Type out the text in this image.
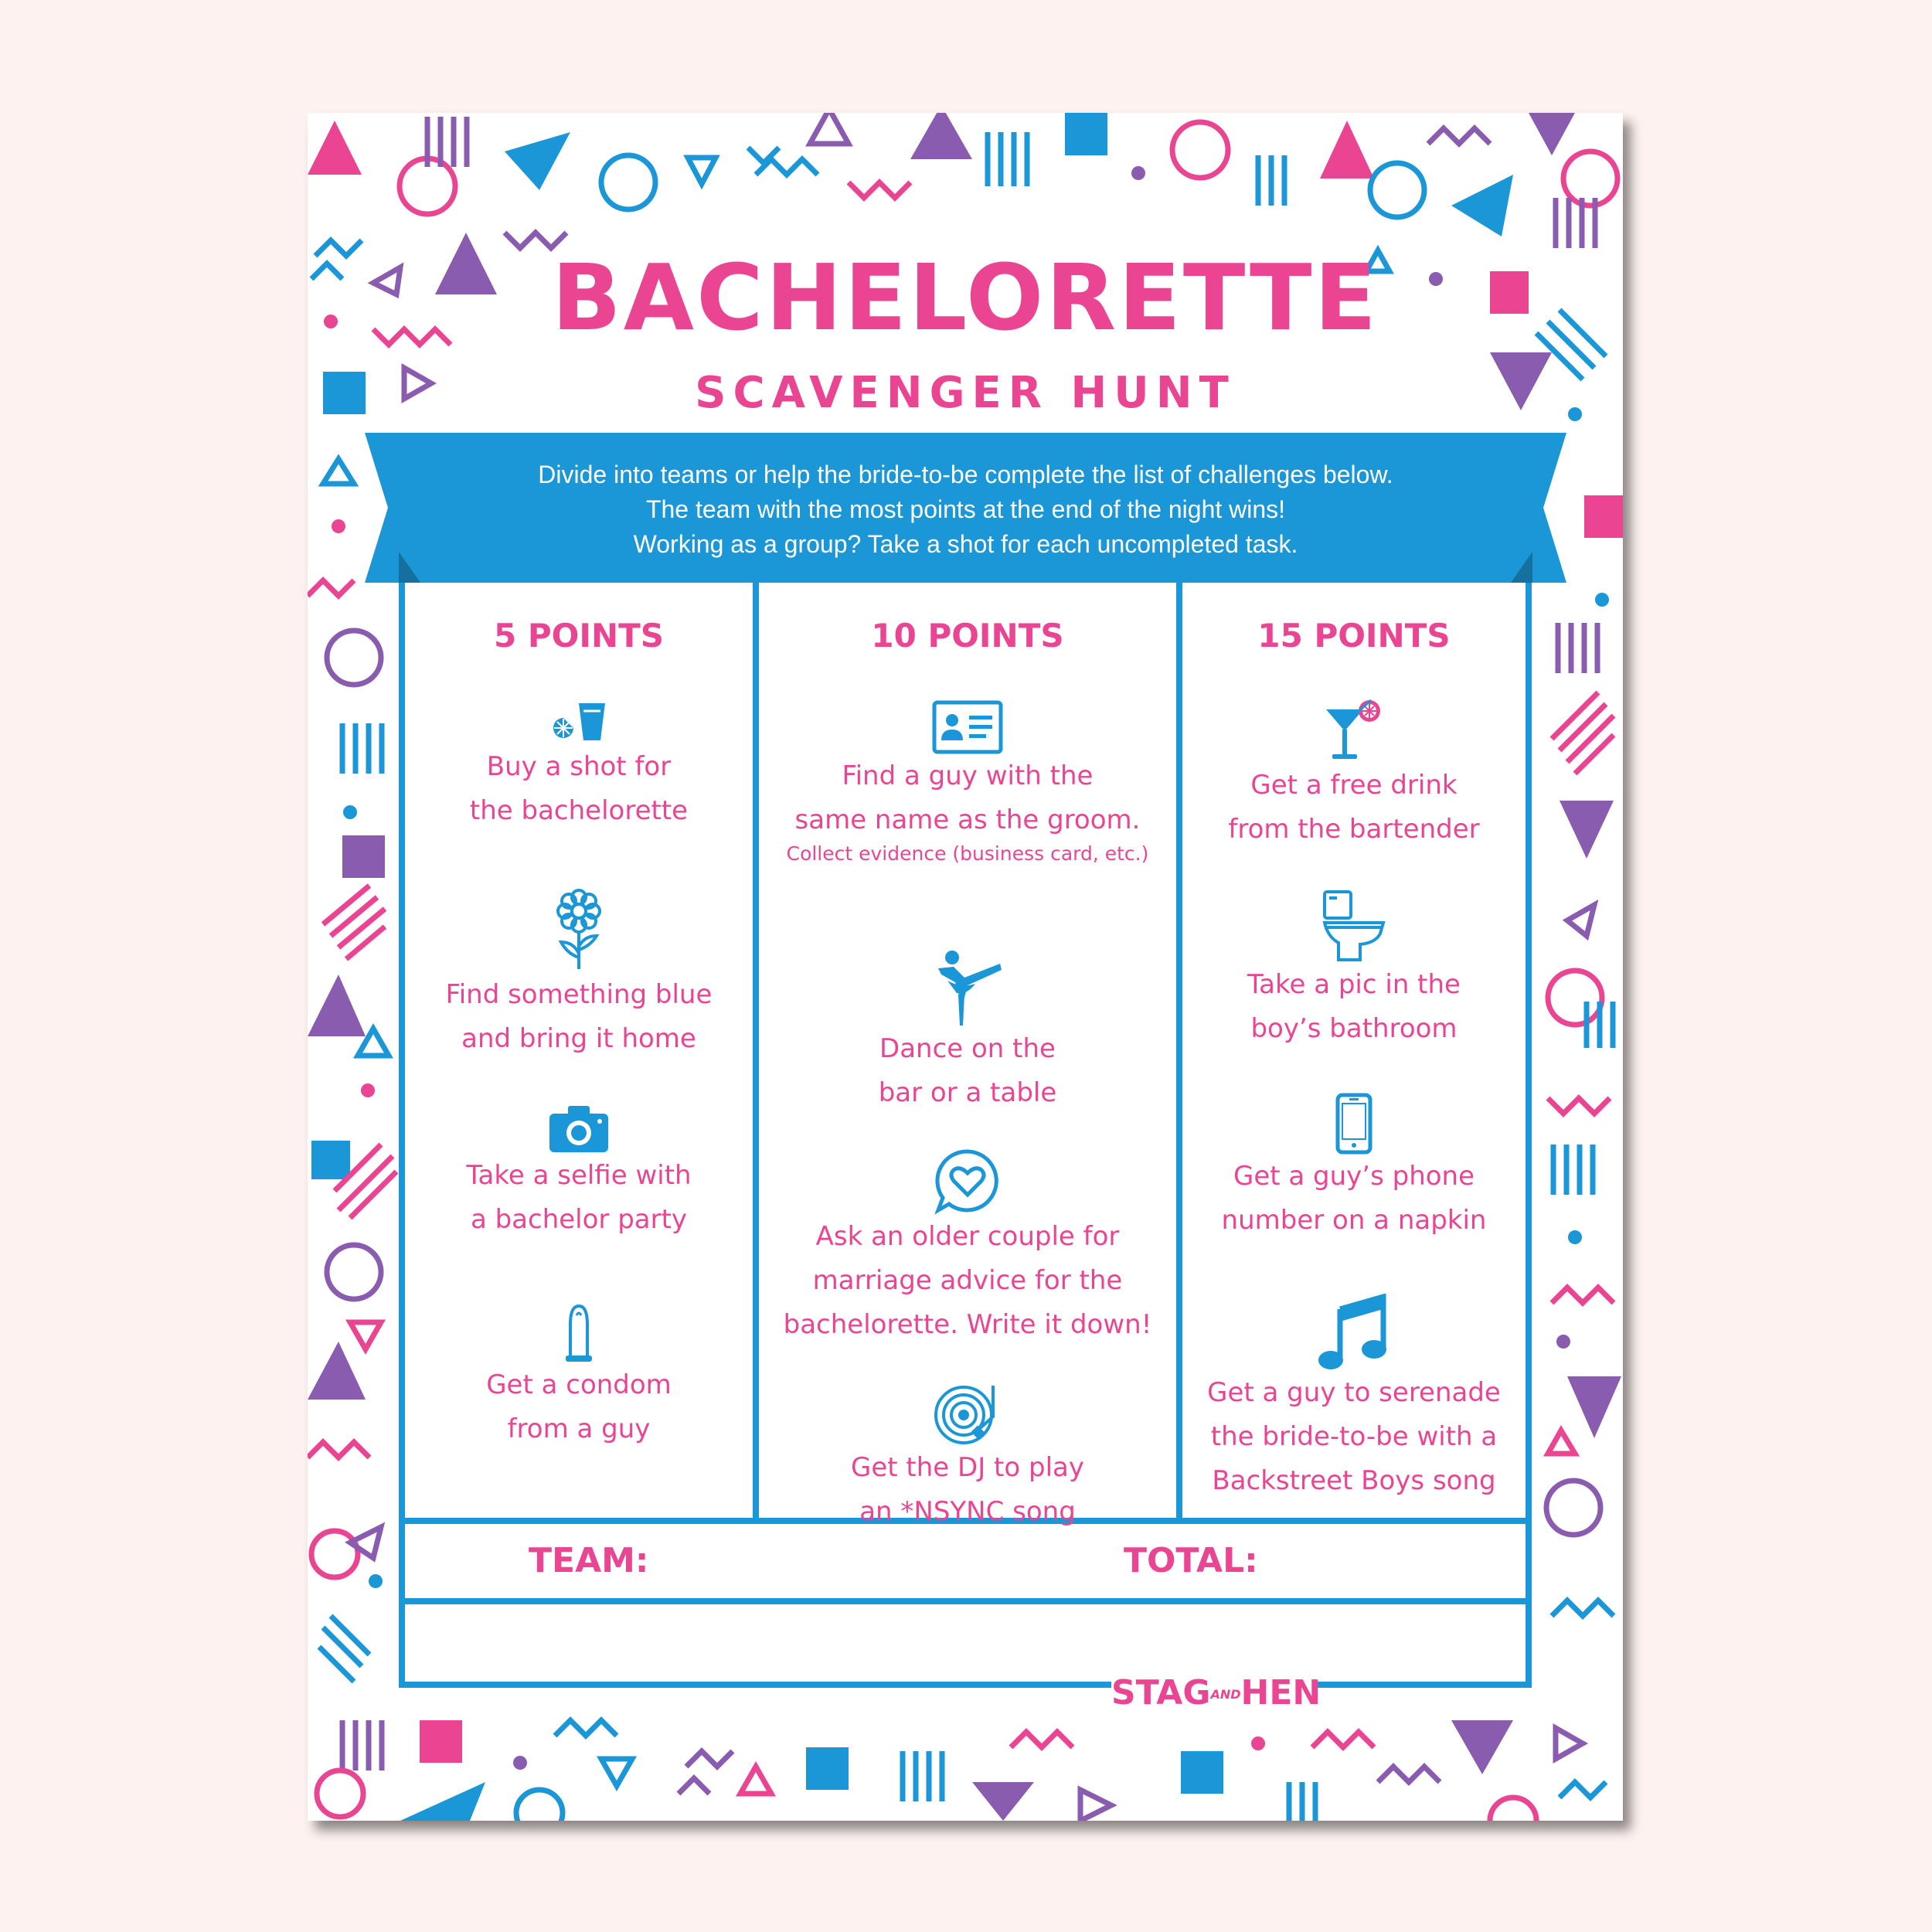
BACHELORETTE
SCAVENGER HUNT

Divide into teams or help the bride-to-be complete the list of challenges below.

The team with the most points at the end of the night wins!

Working as a group? Take a shot for each uncompleted task.

5 POINTS

Buy a shot for
the bachelorette

Find something blue
and bring it home

Take a selfie with
a bachelor party

Get a condom
from a guy

10 POINTS

Find a guy with the
same name as the groom.

Collect evidence (business card, etc.)

Dance on the
bar or a table

Ask an older couple for
marriage advice for the
bachelorette. Write it down!

Get the DJ to play
an *NSYNC song

15 POINTS

Get a free drink
from the bartender

Take a pic in the
boy’s bathroom

Get a guy’s phone
number on a napkin

Get a guy to serenade
the bride-to-be with a
Backstreet Boys song

TEAM:	TOTAL:

STAGANDHEN
